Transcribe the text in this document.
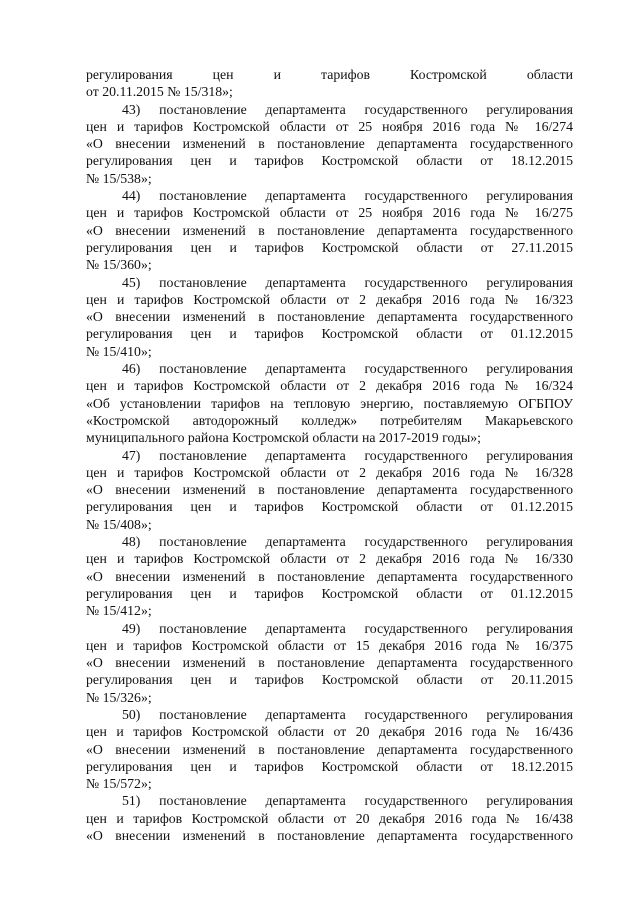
регулирования цен и тарифов Костромской области
от 20.11.2015 № 15/318»;
43) постановление департамента государственного регулирования
цен и тарифов Костромской области от 25 ноября 2016 года № 16/274
«О внесении изменений в постановление департамента государственного
регулирования цен и тарифов Костромской области от 18.12.2015
№ 15/538»;
44) постановление департамента государственного регулирования
цен и тарифов Костромской области от 25 ноября 2016 года № 16/275
«О внесении изменений в постановление департамента государственного
регулирования цен и тарифов Костромской области от 27.11.2015
№ 15/360»;
45) постановление департамента государственного регулирования
цен и тарифов Костромской области от 2 декабря 2016 года № 16/323
«О внесении изменений в постановление департамента государственного
регулирования цен и тарифов Костромской области от 01.12.2015
№ 15/410»;
46) постановление департамента государственного регулирования
цен и тарифов Костромской области от 2 декабря 2016 года № 16/324
«Об установлении тарифов на тепловую энергию, поставляемую ОГБПОУ
«Костромской автодорожный колледж» потребителям Макарьевского
муниципального района Костромской области на 2017-2019 годы»;
47) постановление департамента государственного регулирования
цен и тарифов Костромской области от 2 декабря 2016 года № 16/328
«О внесении изменений в постановление департамента государственного
регулирования цен и тарифов Костромской области от 01.12.2015
№ 15/408»;
48) постановление департамента государственного регулирования
цен и тарифов Костромской области от 2 декабря 2016 года № 16/330
«О внесении изменений в постановление департамента государственного
регулирования цен и тарифов Костромской области от 01.12.2015
№ 15/412»;
49) постановление департамента государственного регулирования
цен и тарифов Костромской области от 15 декабря 2016 года № 16/375
«О внесении изменений в постановление департамента государственного
регулирования цен и тарифов Костромской области от 20.11.2015
№ 15/326»;
50) постановление департамента государственного регулирования
цен и тарифов Костромской области от 20 декабря 2016 года № 16/436
«О внесении изменений в постановление департамента государственного
регулирования цен и тарифов Костромской области от 18.12.2015
№ 15/572»;
51) постановление департамента государственного регулирования
цен и тарифов Костромской области от 20 декабря 2016 года № 16/438
«О внесении изменений в постановление департамента государственного
